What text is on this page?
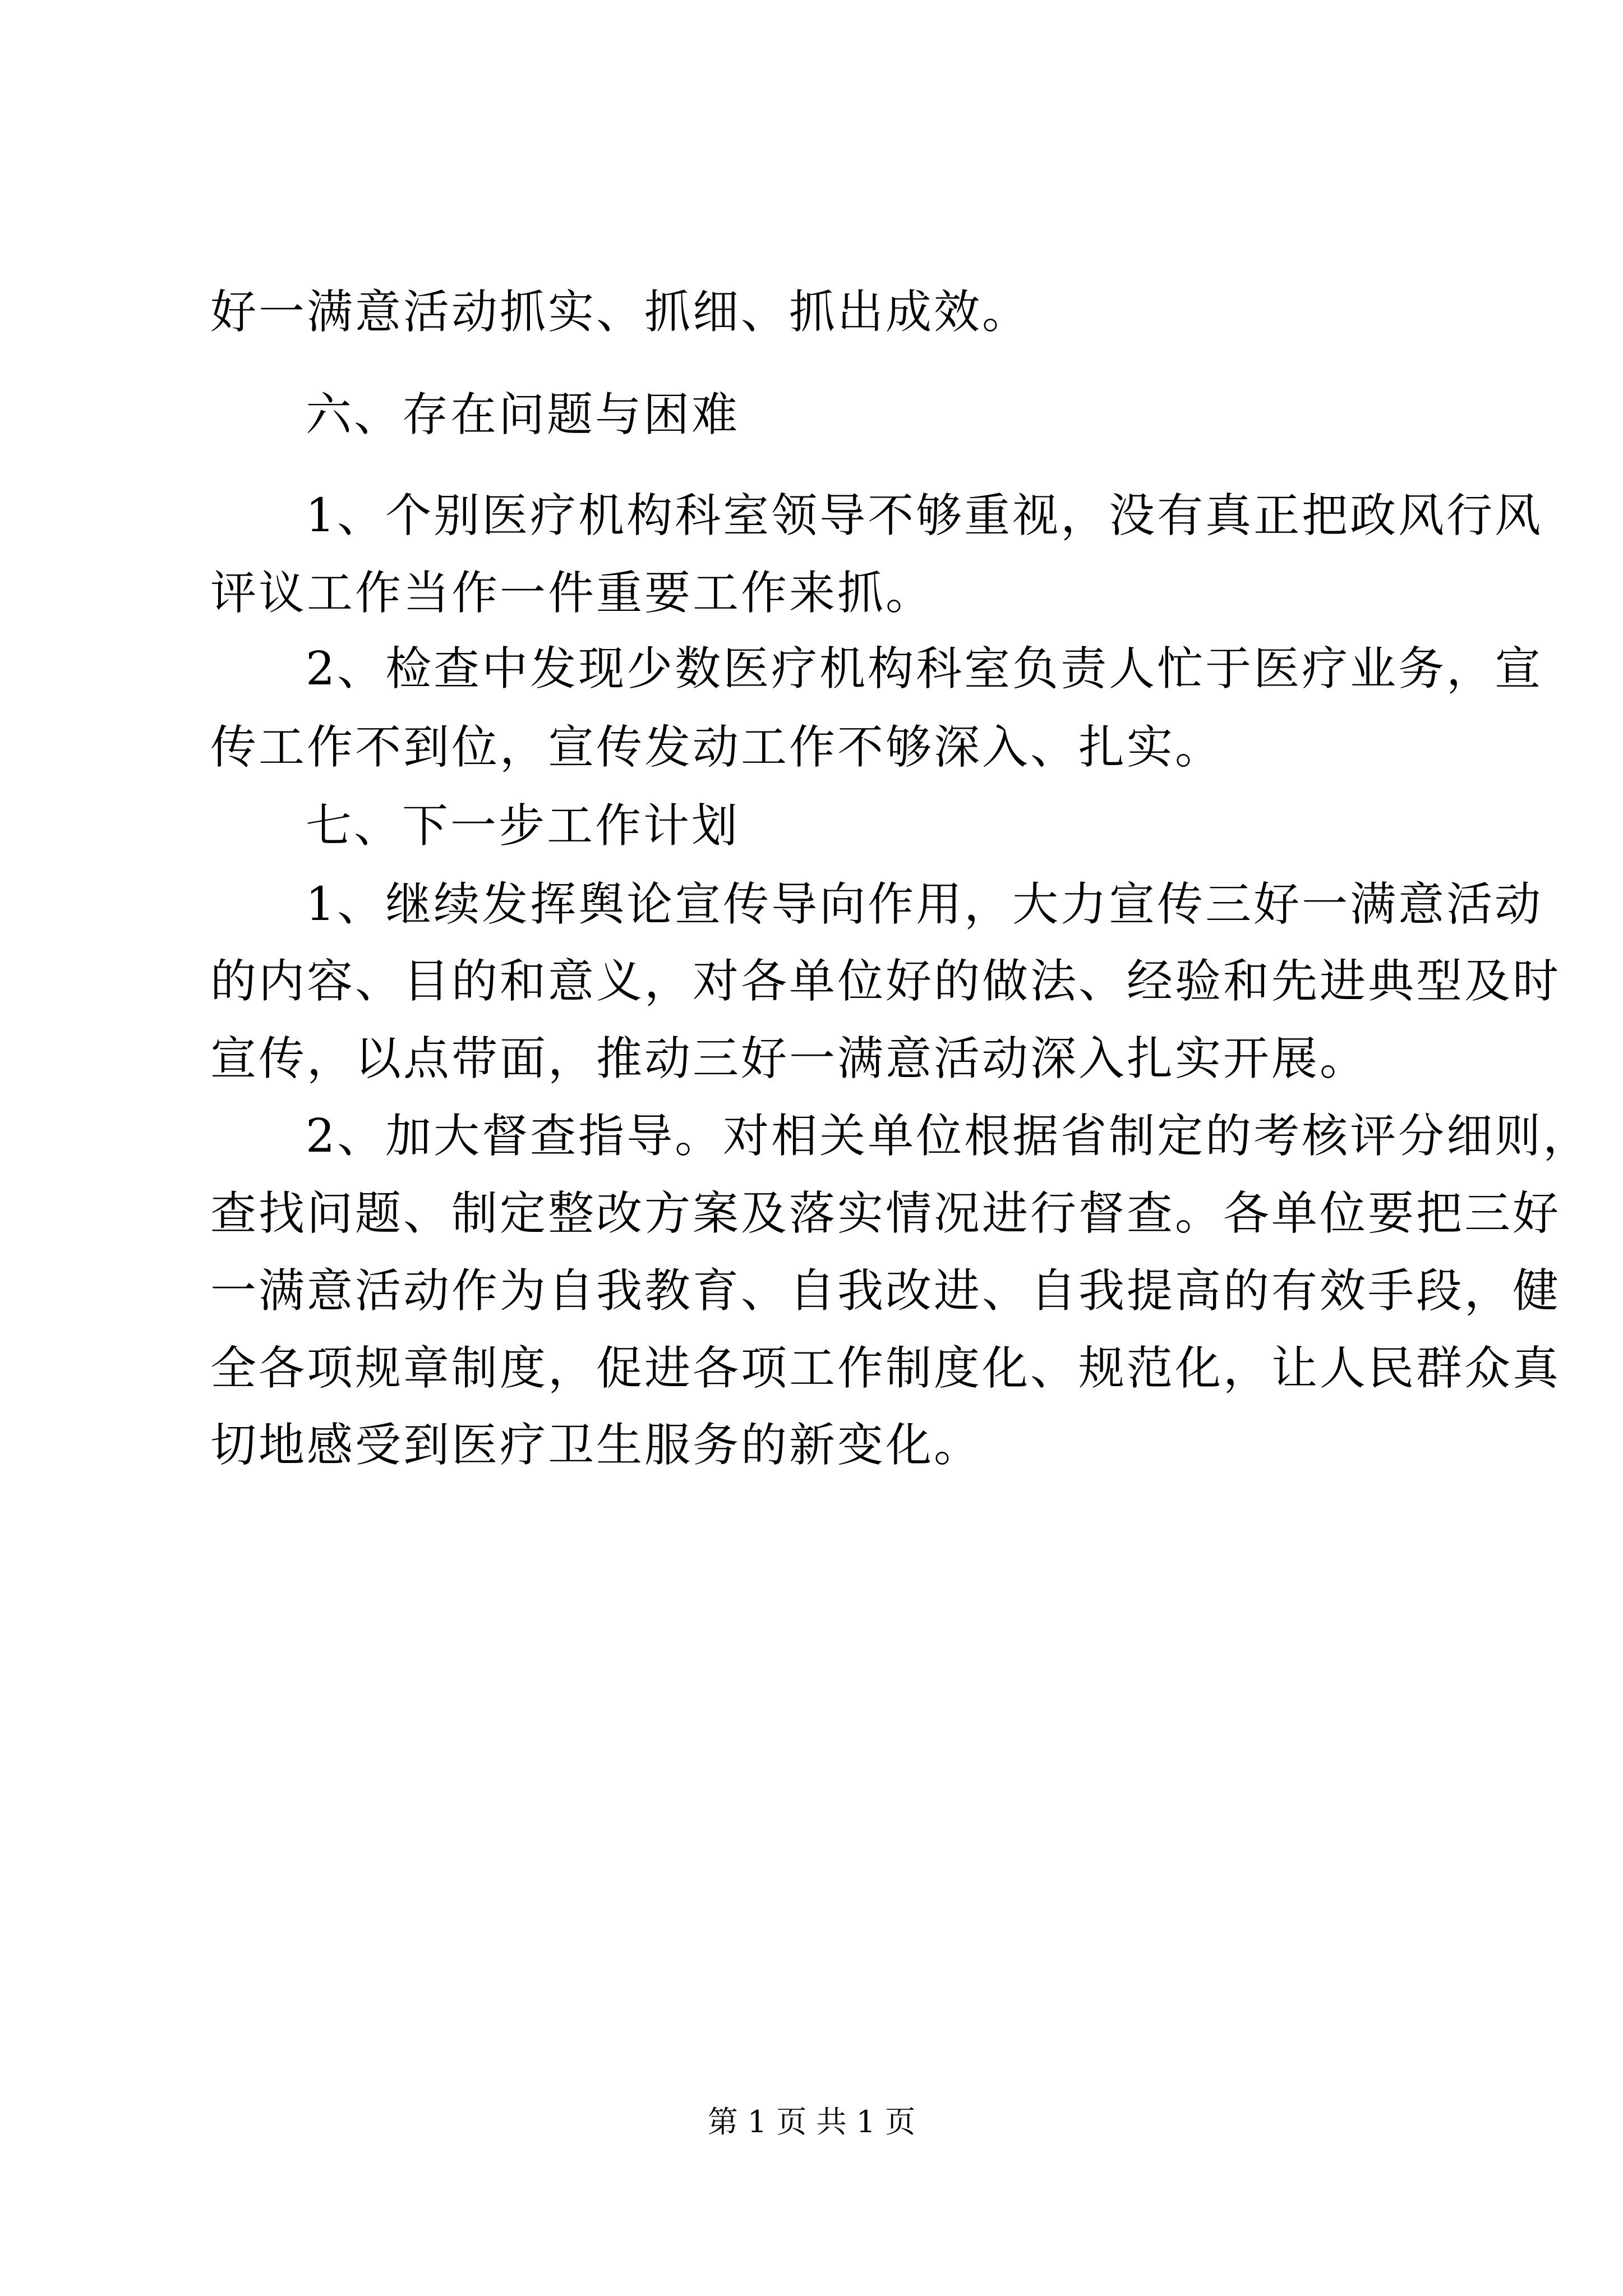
好一满意活动抓实、抓细、抓出成效。

六、存在问题与困难

1、个别医疗机构科室领导不够重视，没有真正把政风行风

评议工作当作一件重要工作来抓。

2、检查中发现少数医疗机构科室负责人忙于医疗业务，宣

传工作不到位，宣传发动工作不够深入、扎实。

七、下一步工作计划

1、继续发挥舆论宣传导向作用，大力宣传三好一满意活动

的内容、目的和意义，对各单位好的做法、经验和先进典型及时

宣传，以点带面，推动三好一满意活动深入扎实开展。

2、加大督查指导。对相关单位根据省制定的考核评分细则，

查找问题、制定整改方案及落实情况进行督查。各单位要把三好

一满意活动作为自我教育、自我改进、自我提高的有效手段，健

全各项规章制度，促进各项工作制度化、规范化，让人民群众真

切地感受到医疗卫生服务的新变化。

第 1 页 共 1 页
